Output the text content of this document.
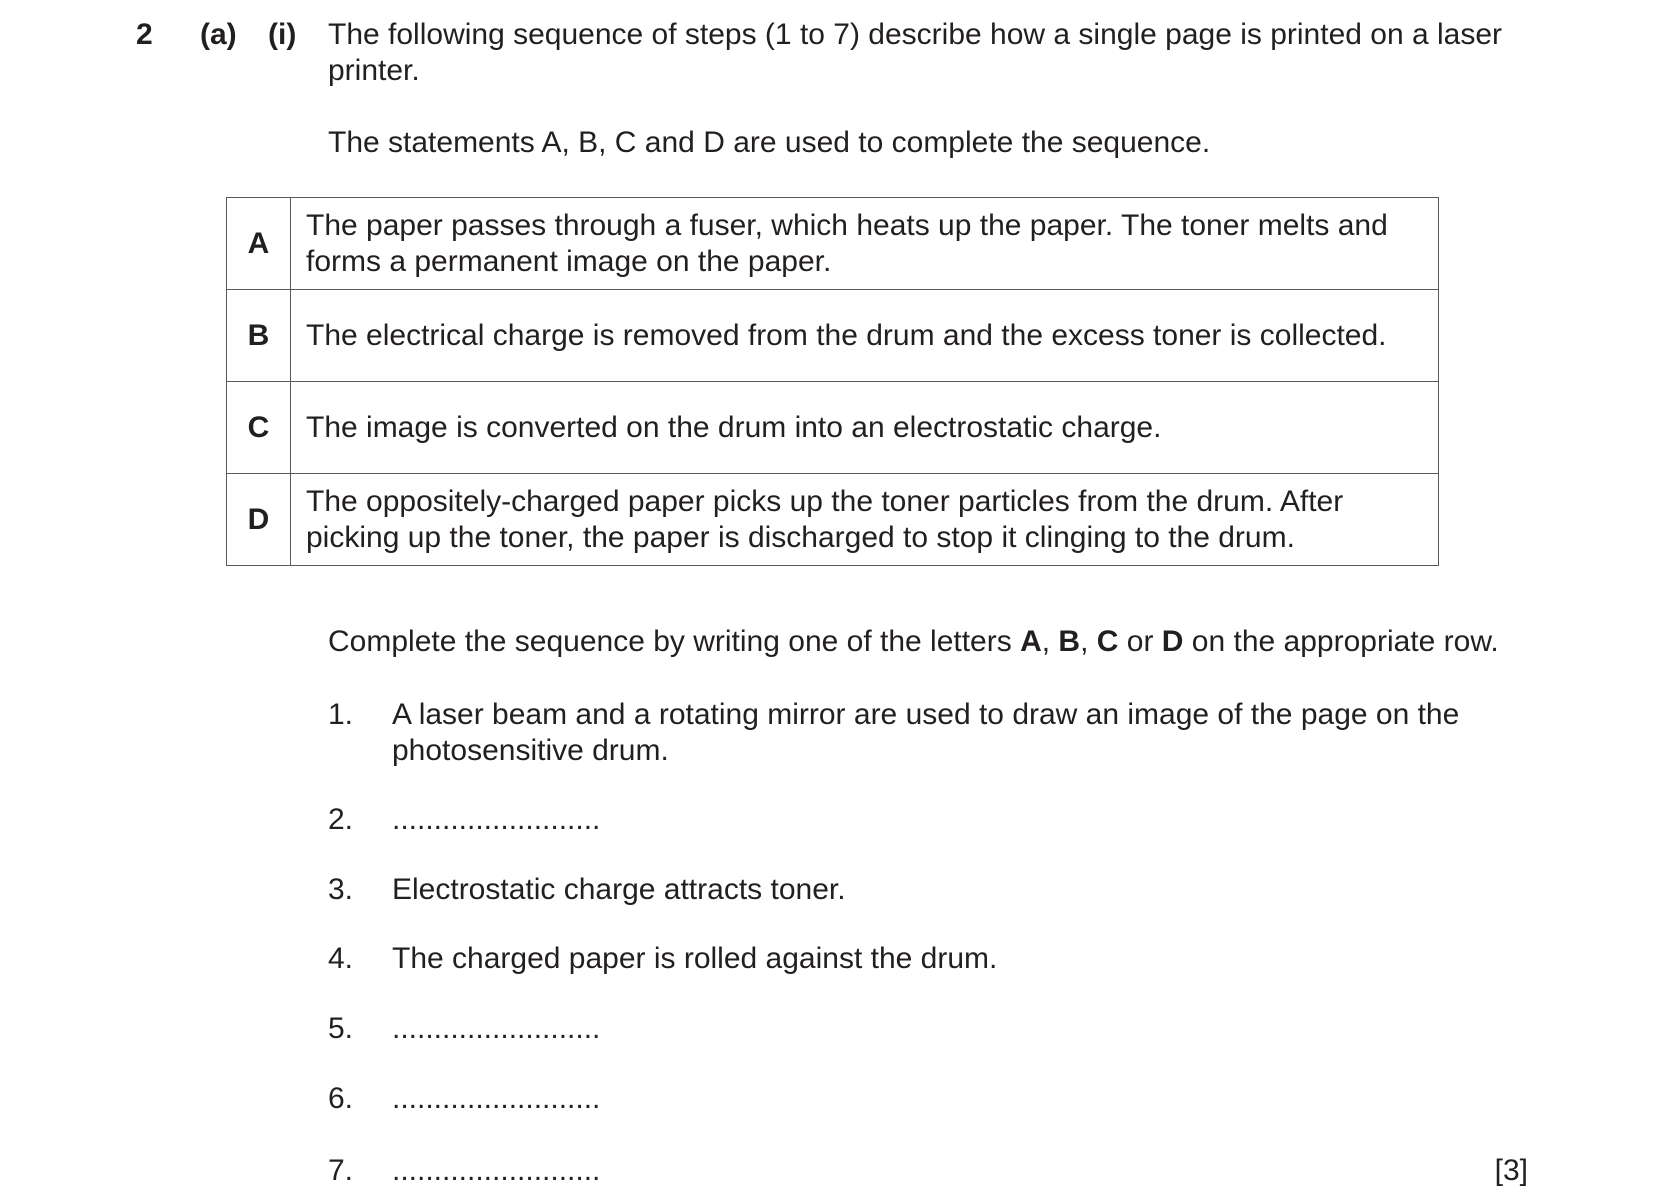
2 (a) (i) The following sequence of steps (1 to 7) describe how a single page is printed on a laser
printer.
The statements A, B, C and D are used to complete the sequence.
A	The paper passes through a fuser, which heats up the paper. The toner melts and
forms a permanent image on the paper.

B	The electrical charge is removed from the drum and the excess toner is collected.

C	The image is converted on the drum into an electrostatic charge.

D	The oppositely-charged paper picks up the toner particles from the drum. After
picking up the toner, the paper is discharged to stop it clinging to the drum.
Complete the sequence by writing one of the letters A, B, C or D on the appropriate row.
1. A laser beam and a rotating mirror are used to draw an image of the page on the
photosensitive drum.
2. .........................
3. Electrostatic charge attracts toner.
4. The charged paper is rolled against the drum.
5. .........................
6. .........................
7. .........................	[3]
